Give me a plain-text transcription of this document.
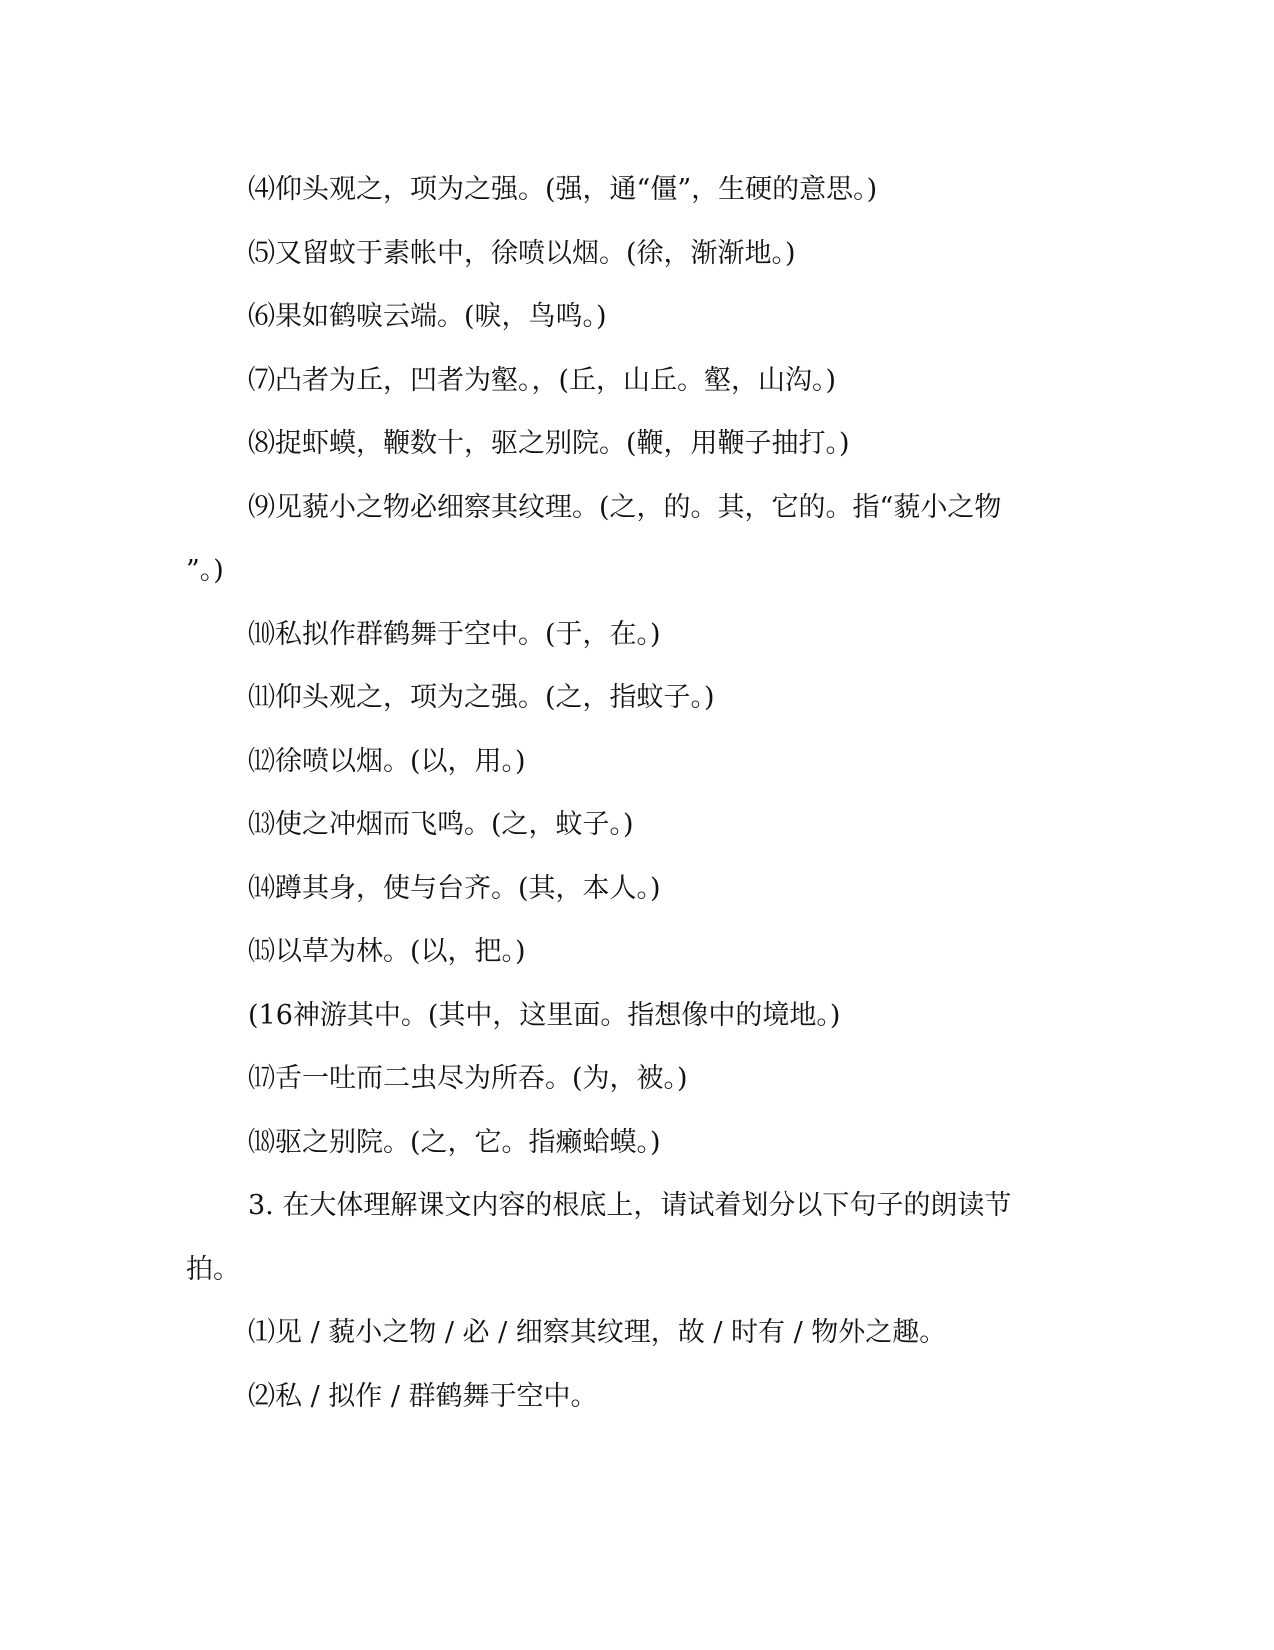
⑷仰头观之，项为之强。(强，通“僵”，生硬的意思。)
⑸又留蚊于素帐中，徐喷以烟。(徐，渐渐地。)
⑹果如鹤唳云端。(唳，鸟鸣。)
⑺凸者为丘，凹者为壑。，(丘，山丘。壑，山沟。)
⑻捉虾蟆，鞭数十，驱之别院。(鞭，用鞭子抽打。)
⑼见藐小之物必细察其纹理。(之，的。其，它的。指“藐小之物
”。)
⑽私拟作群鹤舞于空中。(于，在。)
⑾仰头观之，项为之强。(之，指蚊子。)
⑿徐喷以烟。(以，用。)
⒀使之冲烟而飞鸣。(之，蚊子。)
⒁蹲其身，使与台齐。(其，本人。)
⒂以草为林。(以，把。)
(16神游其中。(其中，这里面。指想像中的境地。)
⒄舌一吐而二虫尽为所吞。(为，被。)
⒅驱之别院。(之，它。指癞蛤蟆。)
3. 在大体理解课文内容的根底上，请试着划分以下句子的朗读节
拍。
⑴见 / 藐小之物 / 必 / 细察其纹理，故 / 时有 / 物外之趣。
⑵私 / 拟作 / 群鹤舞于空中。
